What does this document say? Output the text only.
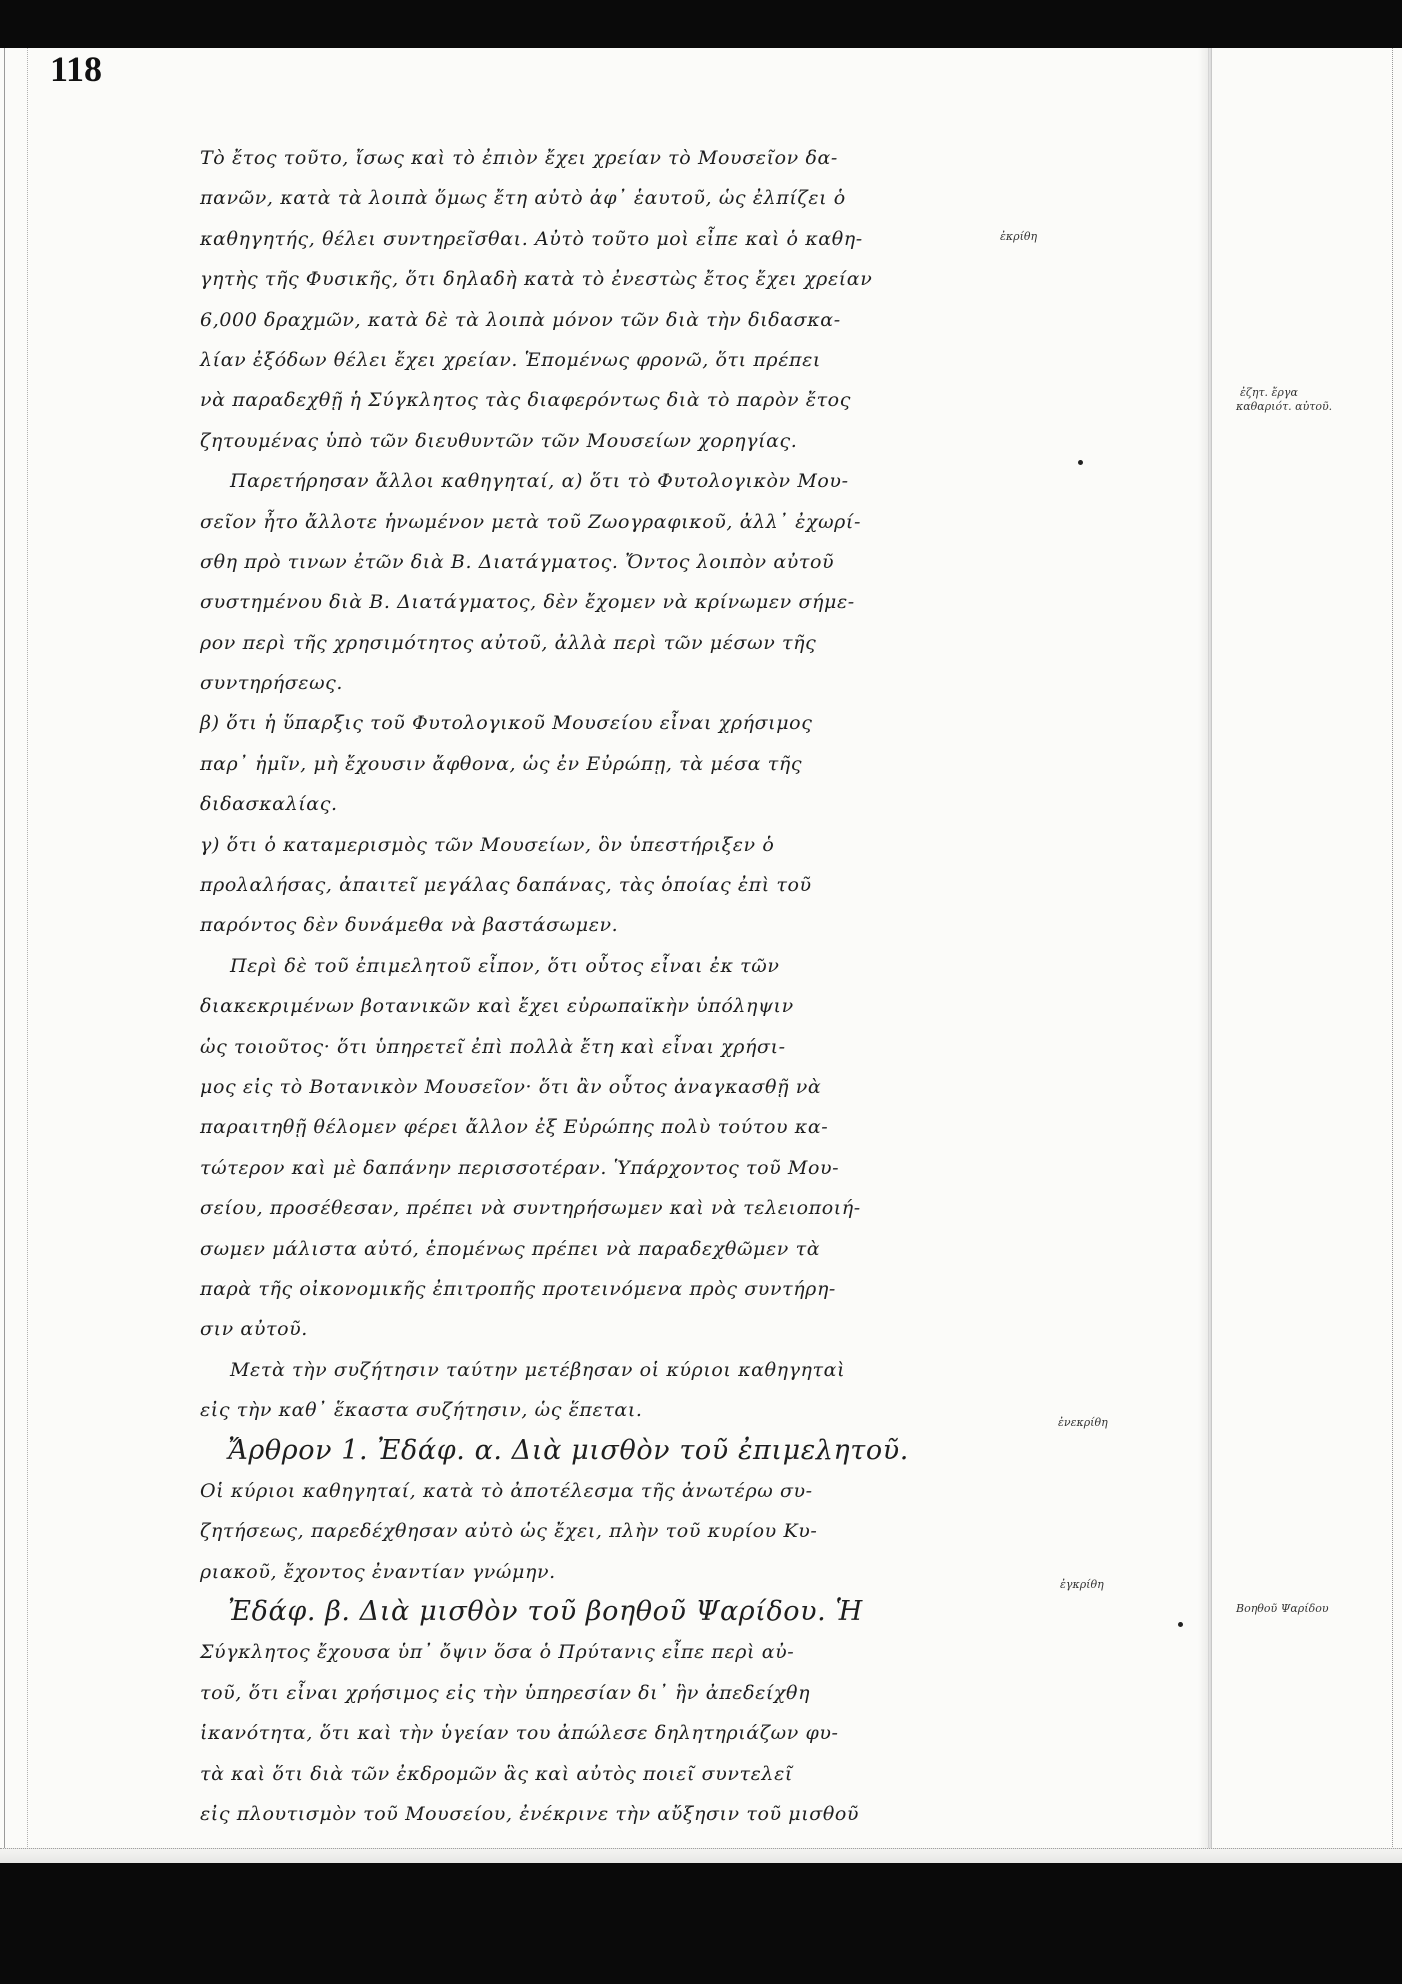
118
Τὸ ἔτος τοῦτο, ἴσως καὶ τὸ ἐπιὸν ἔχει χρείαν τὸ Μουσεῖον δα-
πανῶν, κατὰ τὰ λοιπὰ ὅμως ἔτη αὐτὸ ἀφ᾽ ἑαυτοῦ, ὡς ἐλπίζει ὁ
καθηγητής, θέλει συντηρεῖσθαι. Αὐτὸ τοῦτο μοὶ εἶπε καὶ ὁ καθη-
γητὴς τῆς Φυσικῆς, ὅτι δηλαδὴ κατὰ τὸ ἐνεστὼς ἔτος ἔχει χρείαν
6,000 δραχμῶν, κατὰ δὲ τὰ λοιπὰ μόνον τῶν διὰ τὴν διδασκα-
λίαν ἐξόδων θέλει ἔχει χρείαν. Ἑπομένως φρονῶ, ὅτι πρέπει
νὰ παραδεχθῇ ἡ Σύγκλητος τὰς διαφερόντως διὰ τὸ παρὸν ἔτος
ζητουμένας ὑπὸ τῶν διευθυντῶν τῶν Μουσείων χορηγίας.
Παρετήρησαν ἄλλοι καθηγηταί, α) ὅτι τὸ Φυτολογικὸν Μου-
σεῖον ἦτο ἄλλοτε ἡνωμένον μετὰ τοῦ Ζωογραφικοῦ, ἀλλ᾽ ἐχωρί-
σθη πρὸ τινων ἐτῶν διὰ Β. Διατάγματος. Ὄντος λοιπὸν αὐτοῦ
συστημένου διὰ Β. Διατάγματος, δὲν ἔχομεν νὰ κρίνωμεν σήμε-
ρον περὶ τῆς χρησιμότητος αὐτοῦ, ἀλλὰ περὶ τῶν μέσων τῆς
συντηρήσεως.
β) ὅτι ἡ ὕπαρξις τοῦ Φυτολογικοῦ Μουσείου εἶναι χρήσιμος
παρ᾽ ἡμῖν, μὴ ἔχουσιν ἄφθονα, ὡς ἐν Εὐρώπῃ, τὰ μέσα τῆς
διδασκαλίας.
γ) ὅτι ὁ καταμερισμὸς τῶν Μουσείων, ὃν ὑπεστήριξεν ὁ
προλαλήσας, ἀπαιτεῖ μεγάλας δαπάνας, τὰς ὁποίας ἐπὶ τοῦ
παρόντος δὲν δυνάμεθα νὰ βαστάσωμεν.
Περὶ δὲ τοῦ ἐπιμελητοῦ εἶπον, ὅτι οὗτος εἶναι ἐκ τῶν
διακεκριμένων βοτανικῶν καὶ ἔχει εὐρωπαϊκὴν ὑπόληψιν
ὡς τοιοῦτος· ὅτι ὑπηρετεῖ ἐπὶ πολλὰ ἔτη καὶ εἶναι χρήσι-
μος εἰς τὸ Βοτανικὸν Μουσεῖον· ὅτι ἂν οὗτος ἀναγκασθῇ νὰ
παραιτηθῇ θέλομεν φέρει ἄλλον ἐξ Εὐρώπης πολὺ τούτου κα-
τώτερον καὶ μὲ δαπάνην περισσοτέραν. Ὑπάρχοντος τοῦ Μου-
σείου, προσέθεσαν, πρέπει νὰ συντηρήσωμεν καὶ νὰ τελειοποιή-
σωμεν μάλιστα αὐτό, ἑπομένως πρέπει νὰ παραδεχθῶμεν τὰ
παρὰ τῆς οἰκονομικῆς ἐπιτροπῆς προτεινόμενα πρὸς συντήρη-
σιν αὐτοῦ.
Μετὰ τὴν συζήτησιν ταύτην μετέβησαν οἱ κύριοι καθηγηταὶ
εἰς τὴν καθ᾽ ἕκαστα συζήτησιν, ὡς ἕπεται.
Ἄρθρον 1. Ἐδάφ. α. Διὰ μισθὸν τοῦ ἐπιμελητοῦ.
Οἱ κύριοι καθηγηταί, κατὰ τὸ ἀποτέλεσμα τῆς ἀνωτέρω συ-
ζητήσεως, παρεδέχθησαν αὐτὸ ὡς ἔχει, πλὴν τοῦ κυρίου Κυ-
ριακοῦ, ἔχοντος ἐναντίαν γνώμην.
Ἐδάφ. β. Διὰ μισθὸν τοῦ βοηθοῦ Ψαρίδου. Ἡ
Σύγκλητος ἔχουσα ὑπ᾽ ὄψιν ὅσα ὁ Πρύτανις εἶπε περὶ αὐ-
τοῦ, ὅτι εἶναι χρήσιμος εἰς τὴν ὑπηρεσίαν δι᾽ ἣν ἀπεδείχθη
ἱκανότητα, ὅτι καὶ τὴν ὑγείαν του ἀπώλεσε δηλητηριάζων φυ-
τὰ καὶ ὅτι διὰ τῶν ἐκδρομῶν ἃς καὶ αὐτὸς ποιεῖ συντελεῖ
εἰς πλουτισμὸν τοῦ Μουσείου, ἐνέκρινε τὴν αὔξησιν τοῦ μισθοῦ
ἐκρίθη
ἐζητ. ἔργα
καθαριότ. αὐτοῦ.
ἐνεκρίθη
ἐγκρίθη
Βοηθοῦ Ψαρίδου
